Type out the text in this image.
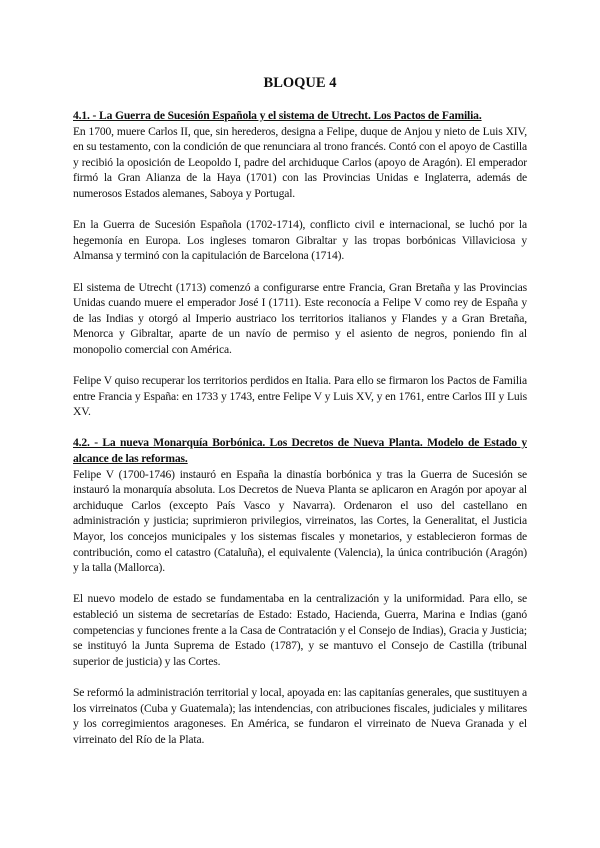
BLOQUE 4

4.1. - La Guerra de Sucesión Española y el sistema de Utrecht. Los Pactos de Familia.

En 1700, muere Carlos II, que, sin herederos, designa a Felipe, duque de Anjou y nieto de Luis XIV, en su testamento, con la condición de que renunciara al trono francés. Contó con el apoyo de Castilla y recibió la oposición de Leopoldo I, padre del archiduque Carlos (apoyo de Aragón). El emperador firmó la Gran Alianza de la Haya (1701) con las Provincias Unidas e Inglaterra, además de numerosos Estados alemanes, Saboya y Portugal.

En la Guerra de Sucesión Española (1702-1714), conflicto civil e internacional, se luchó por la hegemonía en Europa. Los ingleses tomaron Gibraltar y las tropas borbónicas Villaviciosa y Almansa y terminó con la capitulación de Barcelona (1714).

El sistema de Utrecht (1713) comenzó a configurarse entre Francia, Gran Bretaña y las Provincias Unidas cuando muere el emperador José I (1711). Este reconocía a Felipe V como rey de España y de las Indias y otorgó al Imperio austriaco los territorios italianos y Flandes y a Gran Bretaña, Menorca y Gibraltar, aparte de un navío de permiso y el asiento de negros, poniendo fin al monopolio comercial con América.

Felipe V quiso recuperar los territorios perdidos en Italia. Para ello se firmaron los Pactos de Familia entre Francia y España: en 1733 y 1743, entre Felipe V y Luis XV, y en 1761, entre Carlos III y Luis XV.

4.2. - La nueva Monarquía Borbónica. Los Decretos de Nueva Planta. Modelo de Estado y alcance de las reformas.

Felipe V (1700-1746) instauró en España la dinastía borbónica y tras la Guerra de Sucesión se instauró la monarquía absoluta. Los Decretos de Nueva Planta se aplicaron en Aragón por apoyar al archiduque Carlos (excepto País Vasco y Navarra). Ordenaron el uso del castellano en administración y justicia; suprimieron privilegios, virreinatos, las Cortes, la Generalitat, el Justicia Mayor, los concejos municipales y los sistemas fiscales y monetarios, y establecieron formas de contribución, como el catastro (Cataluña), el equivalente (Valencia), la única contribución (Aragón) y la talla (Mallorca).

El nuevo modelo de estado se fundamentaba en la centralización y la uniformidad. Para ello, se estableció un sistema de secretarías de Estado: Estado, Hacienda, Guerra, Marina e Indias (ganó competencias y funciones frente a la Casa de Contratación y el Consejo de Indias), Gracia y Justicia; se instituyó la Junta Suprema de Estado (1787), y se mantuvo el Consejo de Castilla (tribunal superior de justicia) y las Cortes.

Se reformó la administración territorial y local, apoyada en: las capitanías generales, que sustituyen a los virreinatos (Cuba y Guatemala); las intendencias, con atribuciones fiscales, judiciales y militares y los corregimientos aragoneses. En América, se fundaron el virreinato de Nueva Granada y el virreinato del Río de la Plata.
